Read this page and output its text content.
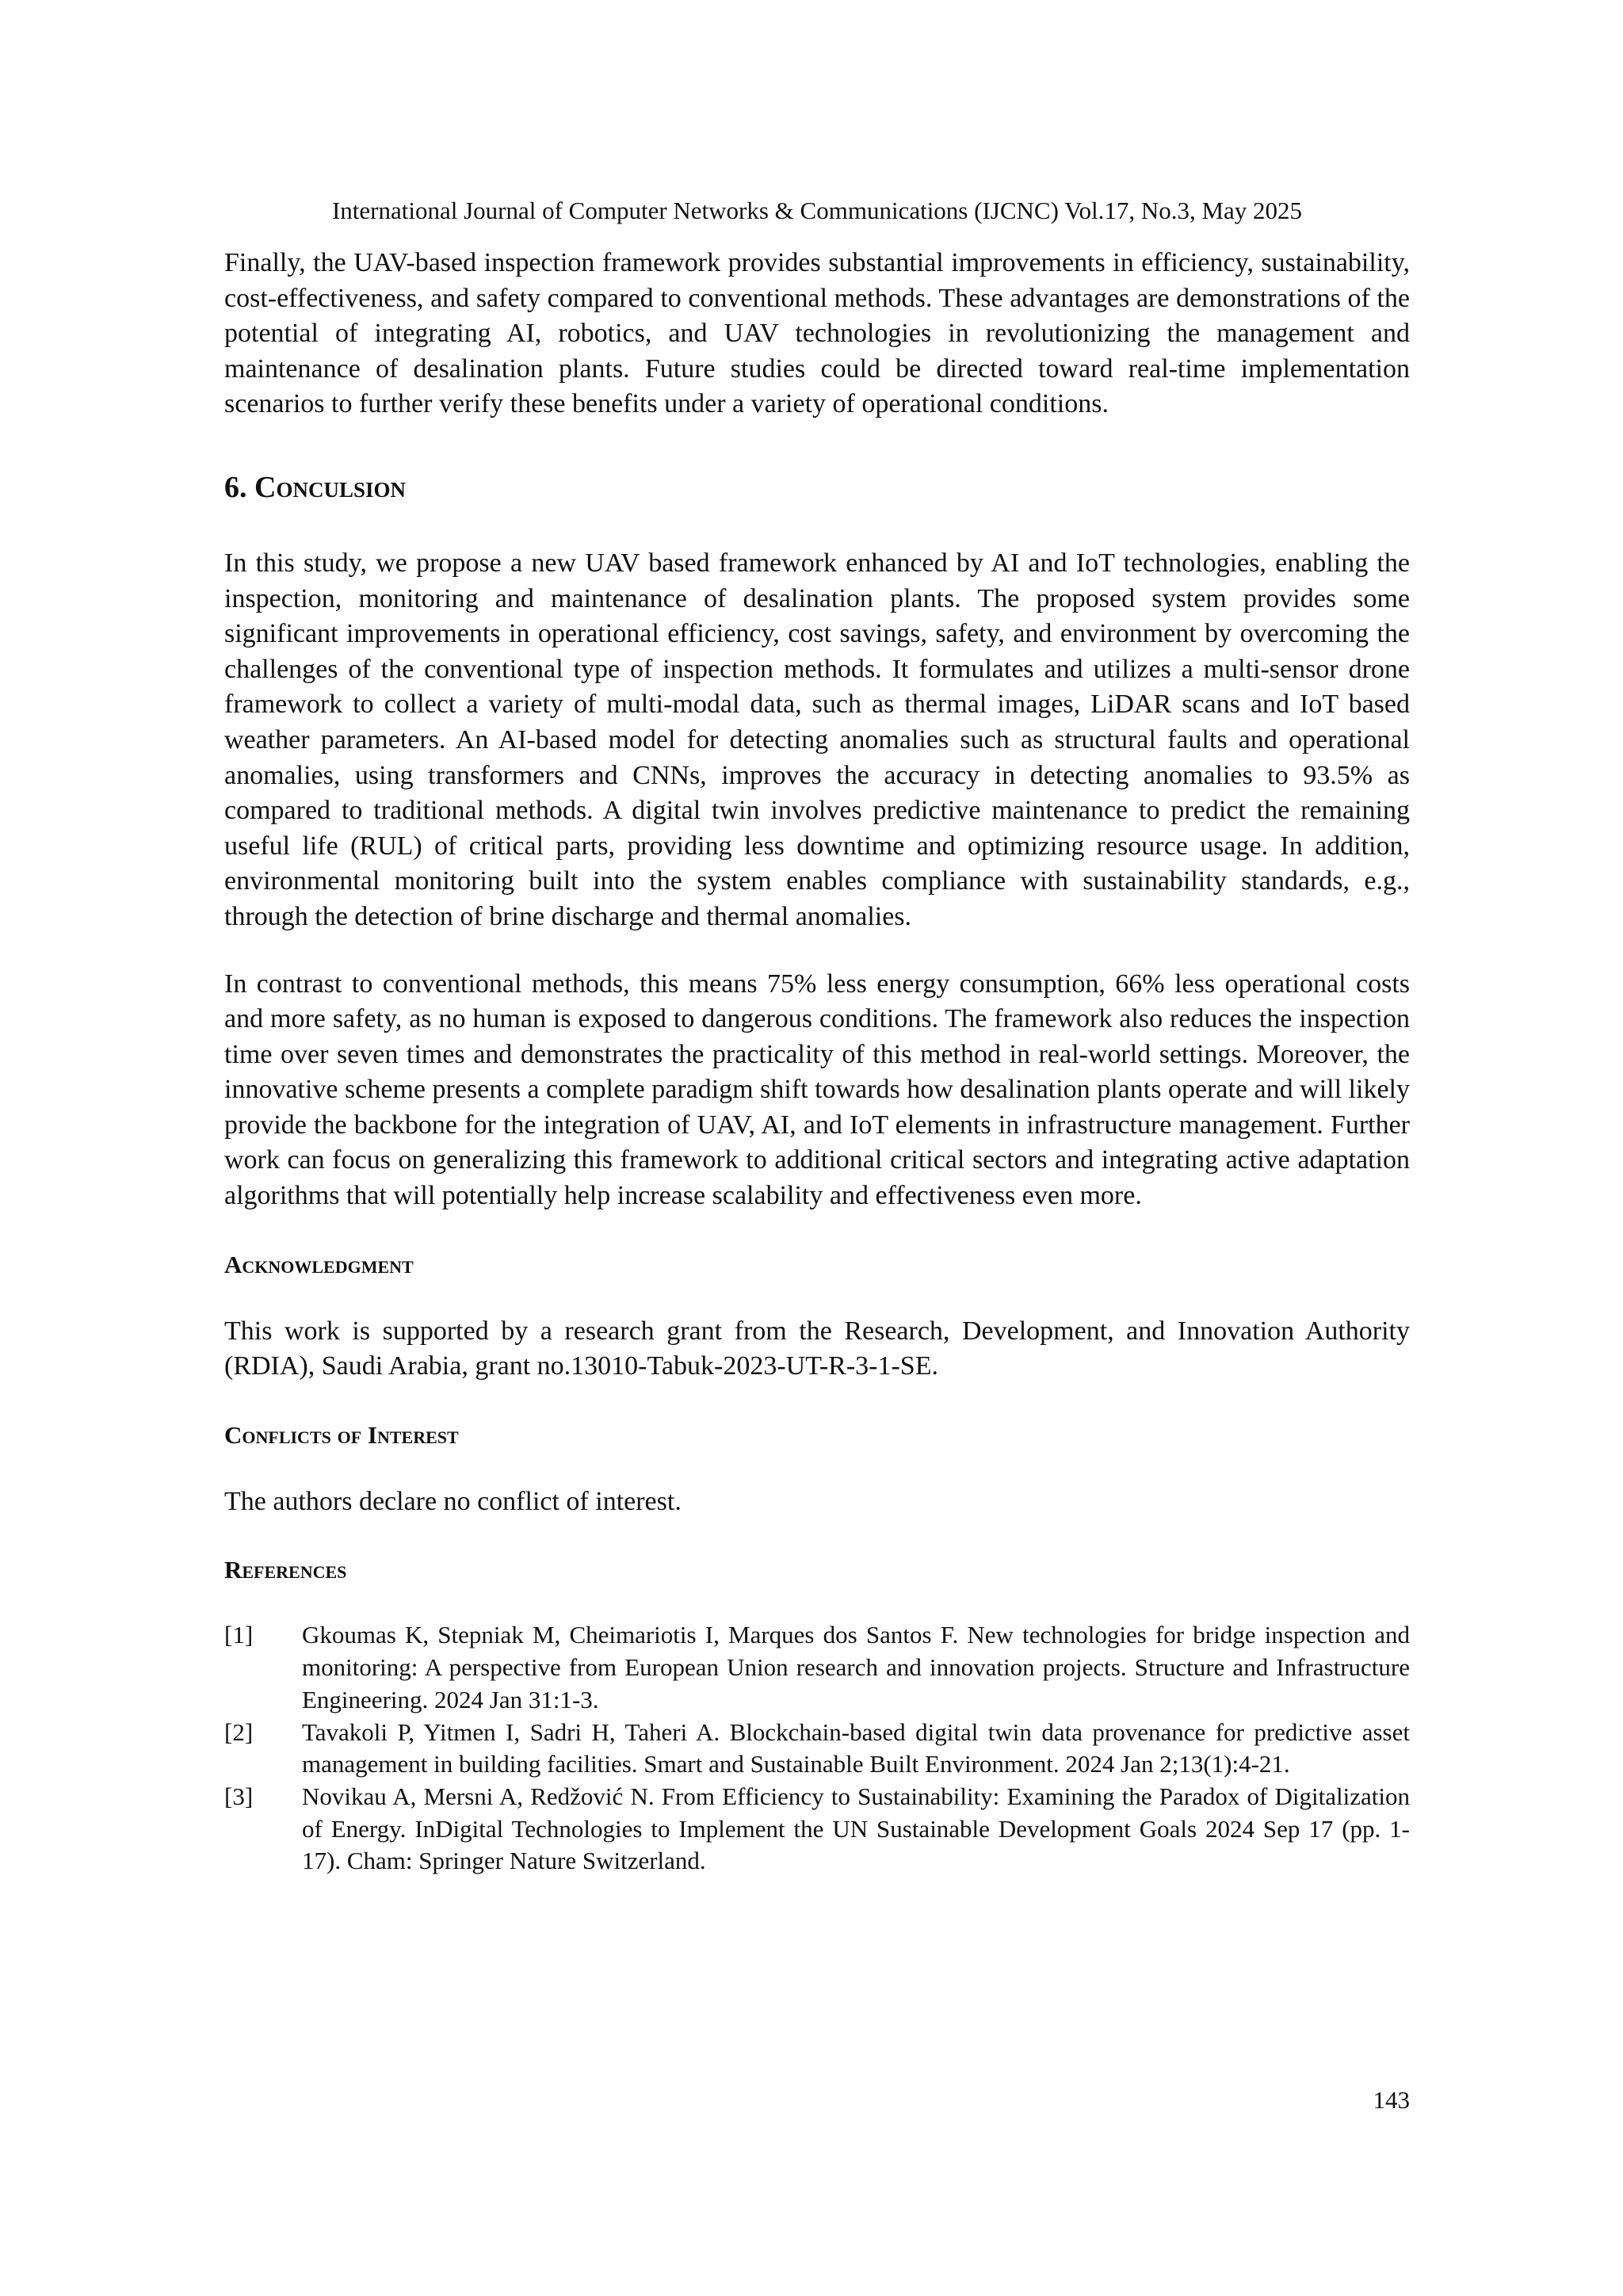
International Journal of Computer Networks & Communications (IJCNC) Vol.17, No.3, May 2025

Finally, the UAV-based inspection framework provides substantial improvements in efficiency, sustainability, cost-effectiveness, and safety compared to conventional methods. These advantages are demonstrations of the potential of integrating AI, robotics, and UAV technologies in revolutionizing the management and maintenance of desalination plants. Future studies could be directed toward real-time implementation scenarios to further verify these benefits under a variety of operational conditions.

6. Conculsion

In this study, we propose a new UAV based framework enhanced by AI and IoT technologies, enabling the inspection, monitoring and maintenance of desalination plants. The proposed system provides some significant improvements in operational efficiency, cost savings, safety, and environment by overcoming the challenges of the conventional type of inspection methods. It formulates and utilizes a multi-sensor drone framework to collect a variety of multi-modal data, such as thermal images, LiDAR scans and IoT based weather parameters. An AI-based model for detecting anomalies such as structural faults and operational anomalies, using transformers and CNNs, improves the accuracy in detecting anomalies to 93.5% as compared to traditional methods. A digital twin involves predictive maintenance to predict the remaining useful life (RUL) of critical parts, providing less downtime and optimizing resource usage. In addition, environmental monitoring built into the system enables compliance with sustainability standards, e.g., through the detection of brine discharge and thermal anomalies.

In contrast to conventional methods, this means 75% less energy consumption, 66% less operational costs and more safety, as no human is exposed to dangerous conditions. The framework also reduces the inspection time over seven times and demonstrates the practicality of this method in real-world settings. Moreover, the innovative scheme presents a complete paradigm shift towards how desalination plants operate and will likely provide the backbone for the integration of UAV, AI, and IoT elements in infrastructure management. Further work can focus on generalizing this framework to additional critical sectors and integrating active adaptation algorithms that will potentially help increase scalability and effectiveness even more.

Acknowledgment

This work is supported by a research grant from the Research, Development, and Innovation Authority (RDIA), Saudi Arabia, grant no.13010-Tabuk-2023-UT-R-3-1-SE.

Conflicts of Interest

The authors declare no conflict of interest.

References
[1]	Gkoumas K, Stepniak M, Cheimariotis I, Marques dos Santos F. New technologies for bridge inspection and monitoring: A perspective from European Union research and innovation projects. Structure and Infrastructure Engineering. 2024 Jan 31:1-3.
[2]	Tavakoli P, Yitmen I, Sadri H, Taheri A. Blockchain-based digital twin data provenance for predictive asset management in building facilities. Smart and Sustainable Built Environment. 2024 Jan 2;13(1):4-21.
[3]	Novikau A, Mersni A, Redžović N. From Efficiency to Sustainability: Examining the Paradox of Digitalization of Energy. InDigital Technologies to Implement the UN Sustainable Development Goals 2024 Sep 17 (pp. 1-17). Cham: Springer Nature Switzerland.
143
